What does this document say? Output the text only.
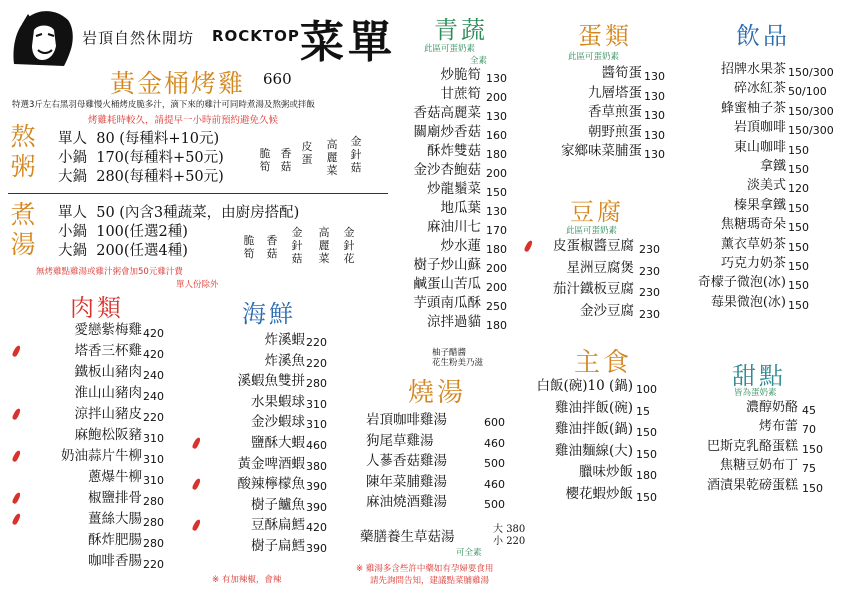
岩頂自然休閒坊 ROCKTOP 菜單
黃金桶烤雞 660
特選3斤左右黑羽母雞慢火桶烤皮脆多汁，滴下來的雞汁可同時煮湯及熬粥或拌飯
烤雞耗時較久，請提早一小時前預約避免久候
熬粥
單人 80 (每種料+10元)
小鍋 170(每種料+50元)
大鍋 280(每種料+50元)
脆筍
香菇
皮蛋
高麗菜
金針菇
煮湯
單人 50 (內含3種蔬菜，由廚房搭配)
小鍋 100(任選2種)
大鍋 200(任選4種)
脆筍
香菇
金針菇
高麗菜
金針花
無烤雞點雞湯或雞汁粥會加50元雞汁費
單人份除外
肉類
愛戀紫梅雞 420
塔香三杯雞 420
鐵板山豬肉 240
淮山山豬肉 240
涼拌山豬皮 220
麻鮑松阪豬 310
奶油蒜片牛柳 310
蔥爆牛柳 310
椒鹽排骨 280
薑絲大腸 280
酥炸肥腸 280
咖啡香腸 220
海鮮
炸溪蝦 220
炸溪魚 220
溪蝦魚雙拼 280
水果蝦球 310
金沙蝦球 310
鹽酥大蝦 460
黃金啤酒蝦 380
酸辣檸檬魚 390
樹子鱸魚 390
豆酥扁鱈 420
樹子扁鱈 390
※ 有加辣椒，會辣
青蔬
此區可蛋奶素
全素
炒脆筍 130
甘蔗筍 200
香菇高麗菜 130
關廟炒香菇 160
酥炸雙菇 180
金沙杏鮑菇 200
炒龍鬚菜 150
地瓜葉 130
麻油川七 170
炒水蓮 180
樹子炒山蘇 200
鹹蛋山苦瓜 200
芋頭南瓜酥 250
涼拌過貓 180
柚子醋醬
花生粉美乃滋
燒湯
岩頂咖啡雞湯	600
狗尾草雞湯	460
人蔘香菇雞湯	500
陳年菜脯雞湯	460
麻油燒酒雞湯	500
藥膳養生草菇湯	大 380
小 220
可全素
※ 雞湯多含些許中藥如有孕婦要食用
請先詢問告知，建議點菜脯雞湯
蛋類
此區可蛋奶素
醬筍蛋 130
九層塔蛋 130
香草煎蛋 130
朝野煎蛋 130
家鄉味菜脯蛋 130
豆腐
此區可蛋奶素
皮蛋椒醬豆腐 230
星洲豆腐煲 230
茄汁鐵板豆腐 230
金沙豆腐 230
主食
白飯(碗)10 (鍋) 100
雞油拌飯(碗) 15
雞油拌飯(鍋) 150
雞油麵線(大) 150
臘味炒飯 180
櫻花蝦炒飯 150
飲品
招牌水果茶 150/300
碎冰紅茶 50/100
蜂蜜柚子茶 150/300
岩頂咖啡 150/300
東山咖啡 150
拿鐵 150
淡美式 120
榛果拿鐵 150
焦糖瑪奇朵 150
薰衣草奶茶 150
巧克力奶茶 150
奇檬子微泡(冰) 150
莓果微泡(冰) 150
甜點
皆為蛋奶素
濃醇奶酪 45
烤布蕾 70
巴斯克乳酪蛋糕 150
焦糖豆奶布丁 75
酒漬果乾磅蛋糕 150
